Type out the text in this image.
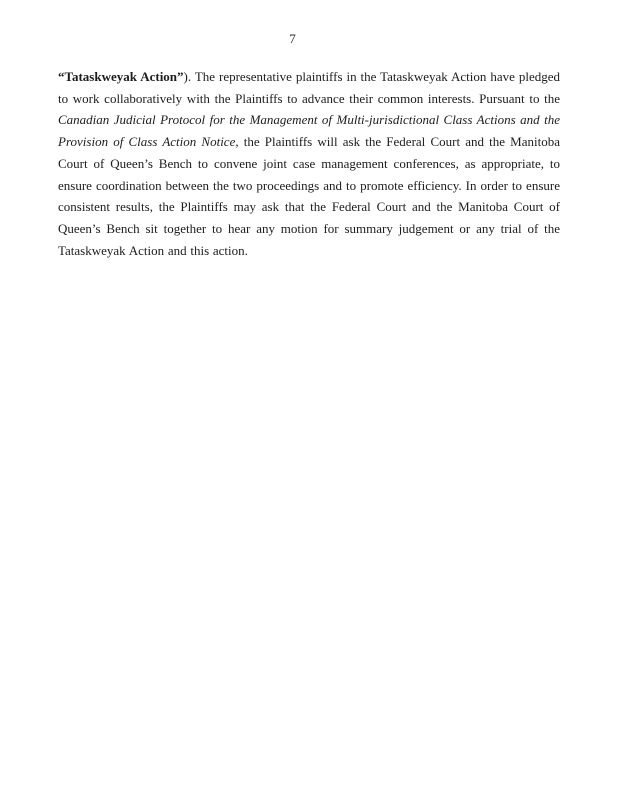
7
“Tataskweyak Action”). The representative plaintiffs in the Tataskweyak Action have pledged to work collaboratively with the Plaintiffs to advance their common interests. Pursuant to the Canadian Judicial Protocol for the Management of Multi-jurisdictional Class Actions and the Provision of Class Action Notice, the Plaintiffs will ask the Federal Court and the Manitoba Court of Queen’s Bench to convene joint case management conferences, as appropriate, to ensure coordination between the two proceedings and to promote efficiency. In order to ensure consistent results, the Plaintiffs may ask that the Federal Court and the Manitoba Court of Queen’s Bench sit together to hear any motion for summary judgement or any trial of the Tataskweyak Action and this action.
